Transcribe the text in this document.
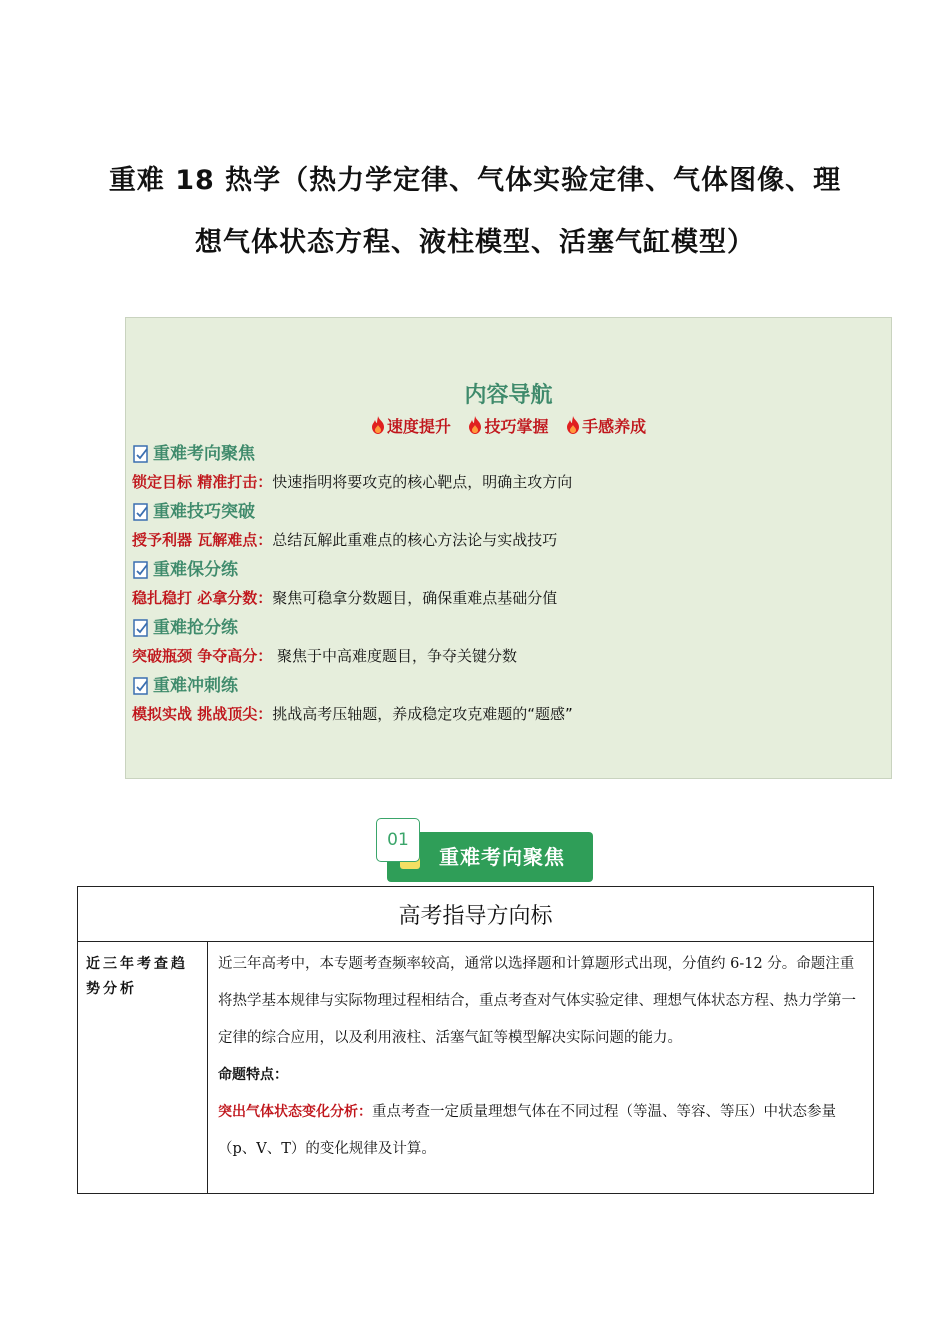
重难 18 热学（热力学定律、气体实验定律、气体图像、理
想气体状态方程、液柱模型、活塞气缸模型）
内容导航
速度提升 技巧掌握 手感养成
重难考向聚焦
锁定目标 精准打击：快速指明将要攻克的核心靶点，明确主攻方向
重难技巧突破
授予利器 瓦解难点：总结瓦解此重难点的核心方法论与实战技巧
重难保分练
稳扎稳打 必拿分数：聚焦可稳拿分数题目，确保重难点基础分值
重难抢分练
突破瓶颈 争夺高分： 聚焦于中高难度题目，争夺关键分数
重难冲刺练
模拟实战 挑战顶尖：挑战高考压轴题，养成稳定攻克难题的“题感”
01
重难考向聚焦
高考指导方向标
近三年考查趋势分析	
近三年高考中，本专题考查频率较高，通常以选择题和计算题形式出现，分值约 6-12 分。命题注重将热学基本规律与实际物理过程相结合，重点考查对气体实验定律、理想气体状态方程、热力学第一定律的综合应用，以及利用液柱、活塞气缸等模型解决实际问题的能力。
命题特点：
突出气体状态变化分析：重点考查一定质量理想气体在不同过程（等温、等容、等压）中状态参量（p、V、T）的变化规律及计算。
